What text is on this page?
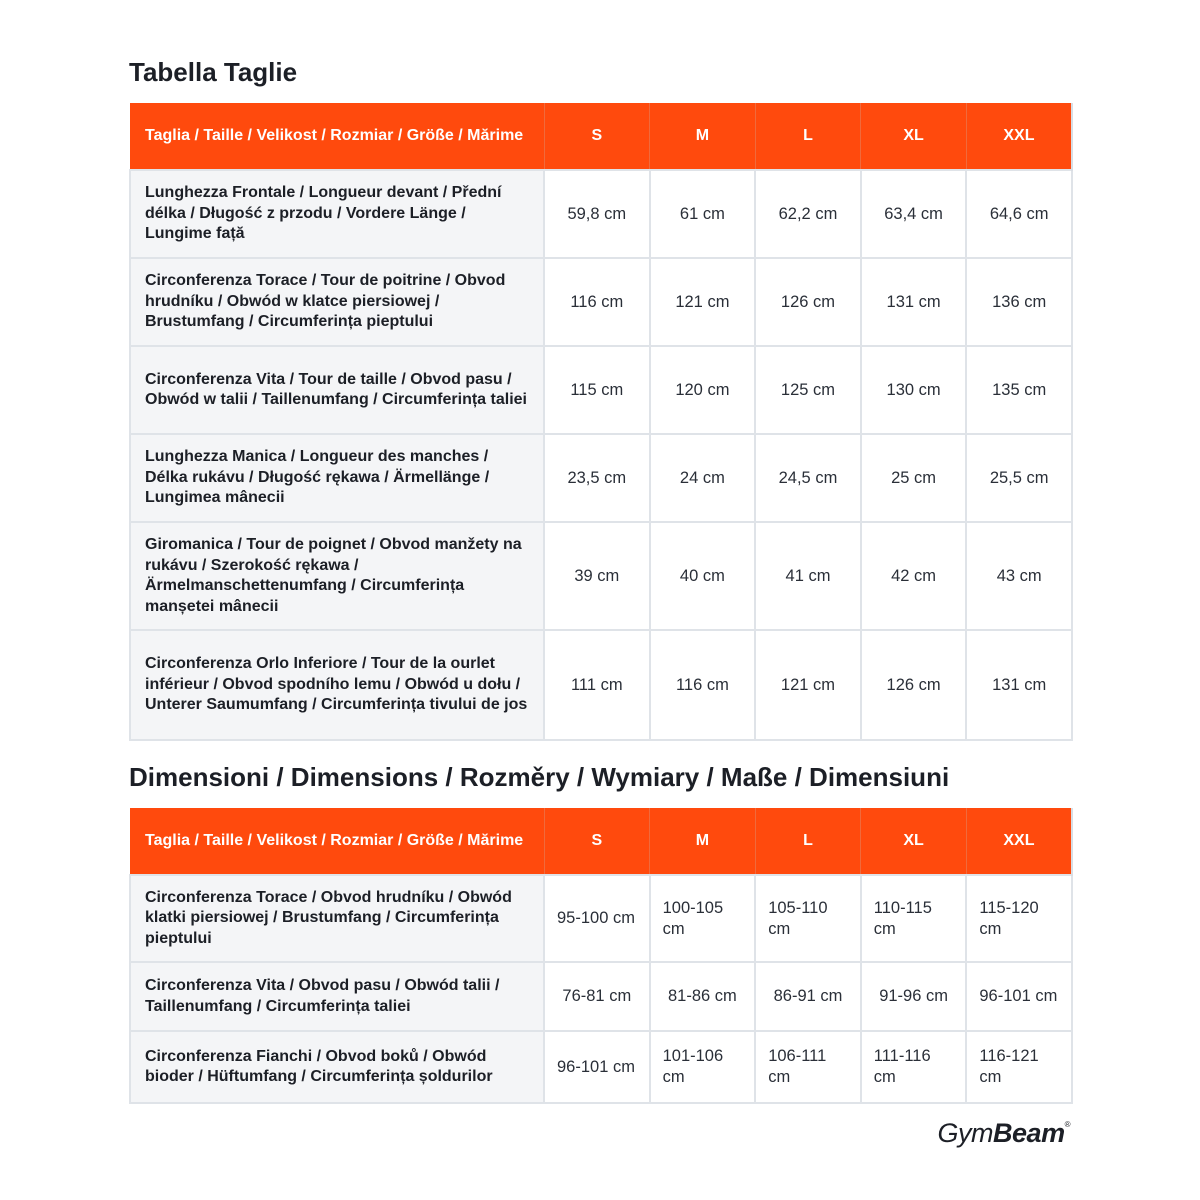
Tabella Taglie
Taglia / Taille / Velikost / Rozmiar / Größe / Mărime	S	M	L	XL	XXL
Lunghezza Frontale / Longueur devant / Přední délka / Długość z przodu / Vordere Länge / Lungime față	59,8 cm	61 cm	62,2 cm	63,4 cm	64,6 cm
Circonferenza Torace / Tour de poitrine / Obvod hrudníku / Obwód w klatce piersiowej / Brustumfang / Circumferința pieptului	116 cm	121 cm	126 cm	131 cm	136 cm
Circonferenza Vita / Tour de taille / Obvod pasu / Obwód w talii / Taillenumfang / Circumferința taliei	115 cm	120 cm	125 cm	130 cm	135 cm
Lunghezza Manica / Longueur des manches / Délka rukávu / Długość rękawa / Ärmellänge / Lungimea mânecii	23,5 cm	24 cm	24,5 cm	25 cm	25,5 cm
Giromanica / Tour de poignet / Obvod manžety na rukávu / Szerokość rękawa / Ärmelmanschettenumfang / Circumferința manșetei mânecii	39 cm	40 cm	41 cm	42 cm	43 cm
Circonferenza Orlo Inferiore / Tour de la ourlet inférieur / Obvod spodního lemu / Obwód u dołu / Unterer Saumumfang / Circumferința tivului de jos	111 cm	116 cm	121 cm	126 cm	131 cm
Dimensioni / Dimensions / Rozměry / Wymiary / Maße / Dimensiuni
Taglia / Taille / Velikost / Rozmiar / Größe / Mărime	S	M	L	XL	XXL
Circonferenza Torace / Obvod hrudníku / Obwód klatki piersiowej / Brustumfang / Circumferința pieptului	95-100 cm	100-105 cm	105-110 cm	110-115 cm	115-120 cm
Circonferenza Vita / Obvod pasu / Obwód talii / Taillenumfang / Circumferința taliei	76-81 cm	81-86 cm	86-91 cm	91-96 cm	96-101 cm
Circonferenza Fianchi / Obvod boků / Obwód bioder / Hüftumfang / Circumferința șoldurilor	96-101 cm	101-106 cm	106-111 cm	111-116 cm	116-121 cm
GymBeam®
